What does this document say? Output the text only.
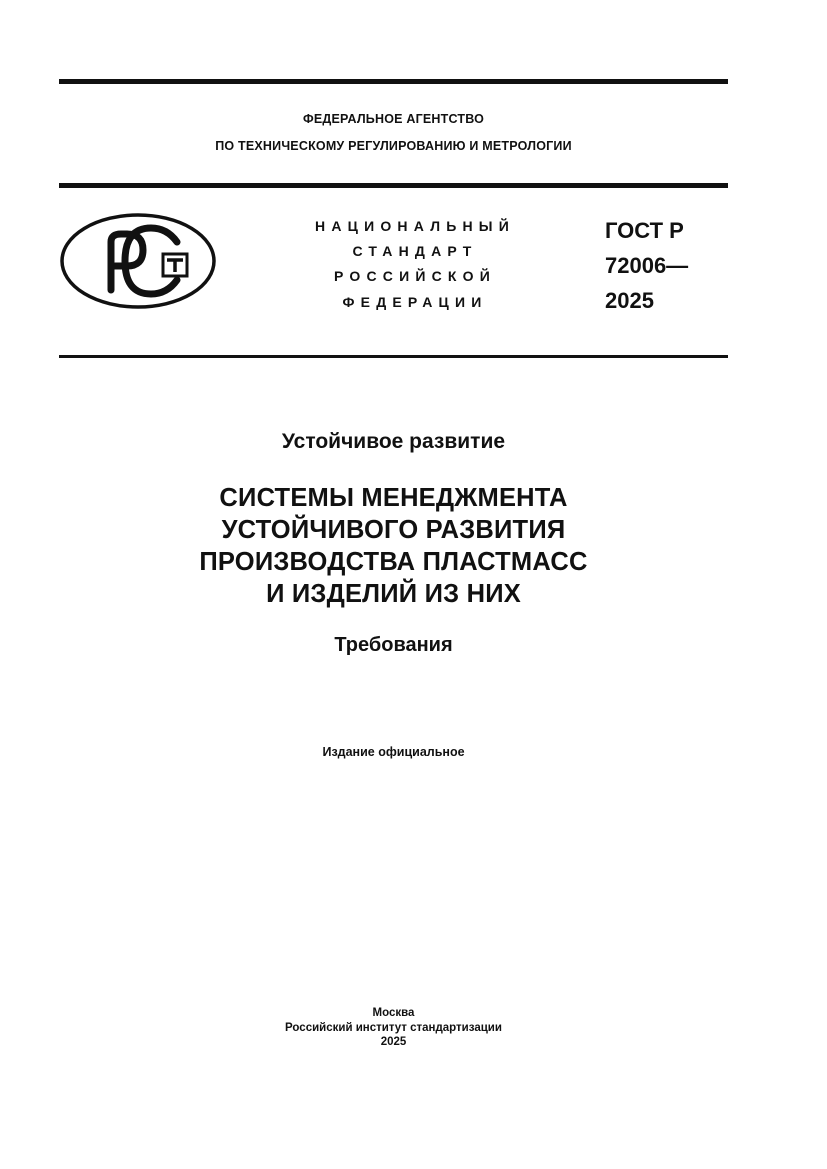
ФЕДЕРАЛЬНОЕ АГЕНТСТВО
ПО ТЕХНИЧЕСКОМУ РЕГУЛИРОВАНИЮ И МЕТРОЛОГИИ
НАЦИОНАЛЬНЫЙ
СТАНДАРТ
РОССИЙСКОЙ
ФЕДЕРАЦИИ
ГОСТ Р
72006—
2025
Устойчивое развитие
СИСТЕМЫ МЕНЕДЖМЕНТА
УСТОЙЧИВОГО РАЗВИТИЯ
ПРОИЗВОДСТВА ПЛАСТМАСС
И ИЗДЕЛИЙ ИЗ НИХ
Требования
Издание официальное
Москва
Российский институт стандартизации
2025
